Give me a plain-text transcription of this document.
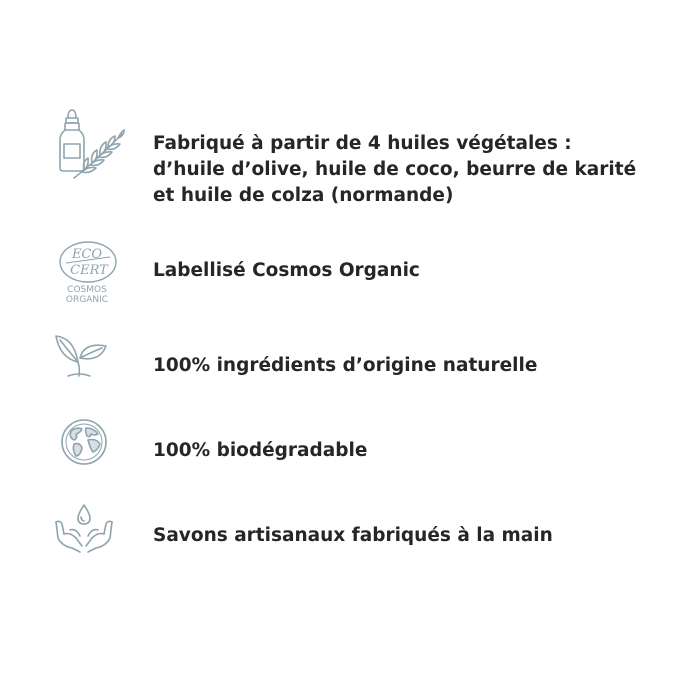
Fabriqué à partir de 4 huiles végétales :
d’huile d’olive, huile de coco, beurre de karité
et huile de colza (normande)
ECO
CERT
COSMOS
ORGANIC
Labellisé Cosmos Organic
100% ingrédients d’origine naturelle
100% biodégradable
Savons artisanaux fabriqués à la main
